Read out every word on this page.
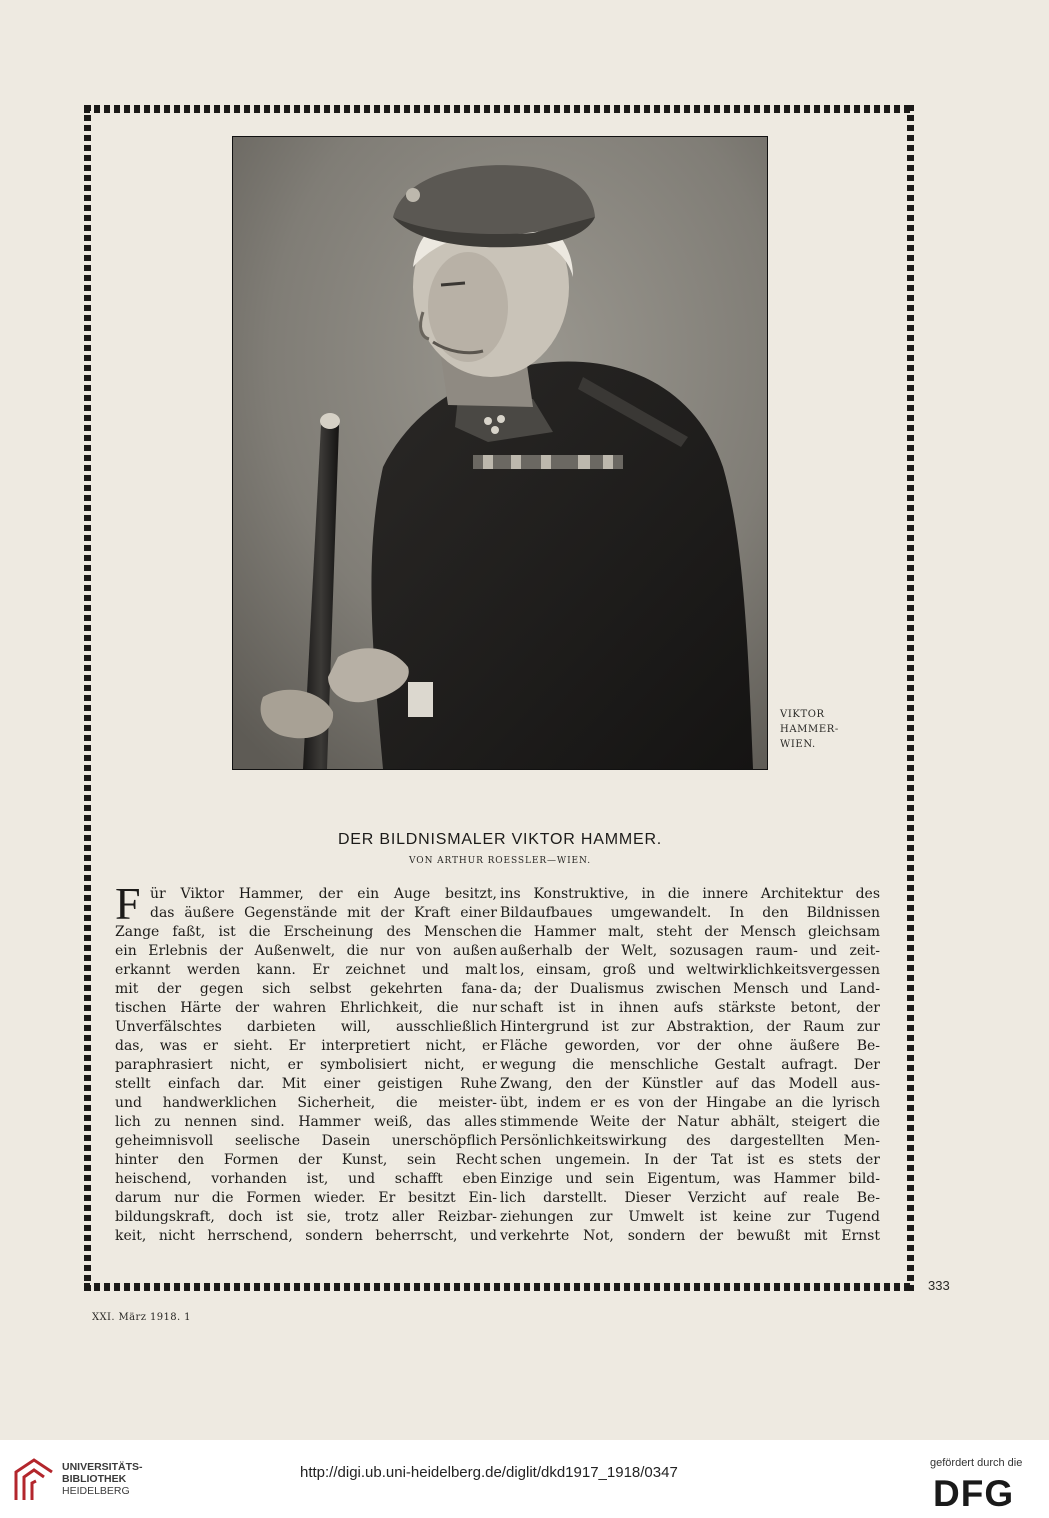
VIKTOR
HAMMER-
WIEN.
DER BILDNISMALER VIKTOR HAMMER.
VON ARTHUR ROESSLER—WIEN.
F ür Viktor Hammer, der ein Auge besitzt,
das äußere Gegenstände mit der Kraft einer
Zange faßt, ist die Erscheinung des Menschen
ein Erlebnis der Außenwelt, die nur von außen
erkannt werden kann. Er zeichnet und malt
mit der gegen sich selbst gekehrten fana-
tischen Härte der wahren Ehrlichkeit, die nur
Unverfälschtes darbieten will, ausschließlich
das, was er sieht. Er interpretiert nicht, er
paraphrasiert nicht, er symbolisiert nicht, er
stellt einfach dar. Mit einer geistigen Ruhe
und handwerklichen Sicherheit, die meister-
lich zu nennen sind. Hammer weiß, das alles
geheimnisvoll seelische Dasein unerschöpflich
hinter den Formen der Kunst, sein Recht
heischend, vorhanden ist, und schafft eben
darum nur die Formen wieder. Er besitzt Ein-
bildungskraft, doch ist sie, trotz aller Reizbar-
keit, nicht herrschend, sondern beherrscht, und
ins Konstruktive, in die innere Architektur des
Bildaufbaues umgewandelt. In den Bildnissen
die Hammer malt, steht der Mensch gleichsam
außerhalb der Welt, sozusagen raum- und zeit-
los, einsam, groß und weltwirklichkeitsvergessen
da; der Dualismus zwischen Mensch und Land-
schaft ist in ihnen aufs stärkste betont, der
Hintergrund ist zur Abstraktion, der Raum zur
Fläche geworden, vor der ohne äußere Be-
wegung die menschliche Gestalt aufragt. Der
Zwang, den der Künstler auf das Modell aus-
übt, indem er es von der Hingabe an die lyrisch
stimmende Weite der Natur abhält, steigert die
Persönlichkeitswirkung des dargestellten Men-
schen ungemein. In der Tat ist es stets der
Einzige und sein Eigentum, was Hammer bild-
lich darstellt. Dieser Verzicht auf reale Be-
ziehungen zur Umwelt ist keine zur Tugend
verkehrte Not, sondern der bewußt mit Ernst
333
XXI. März 1918. 1
UNIVERSITÄTS-
BIBLIOTHEK
HEIDELBERG
http://digi.ub.uni-heidelberg.de/diglit/dkd1917_1918/0347
gefördert durch die
DFG
